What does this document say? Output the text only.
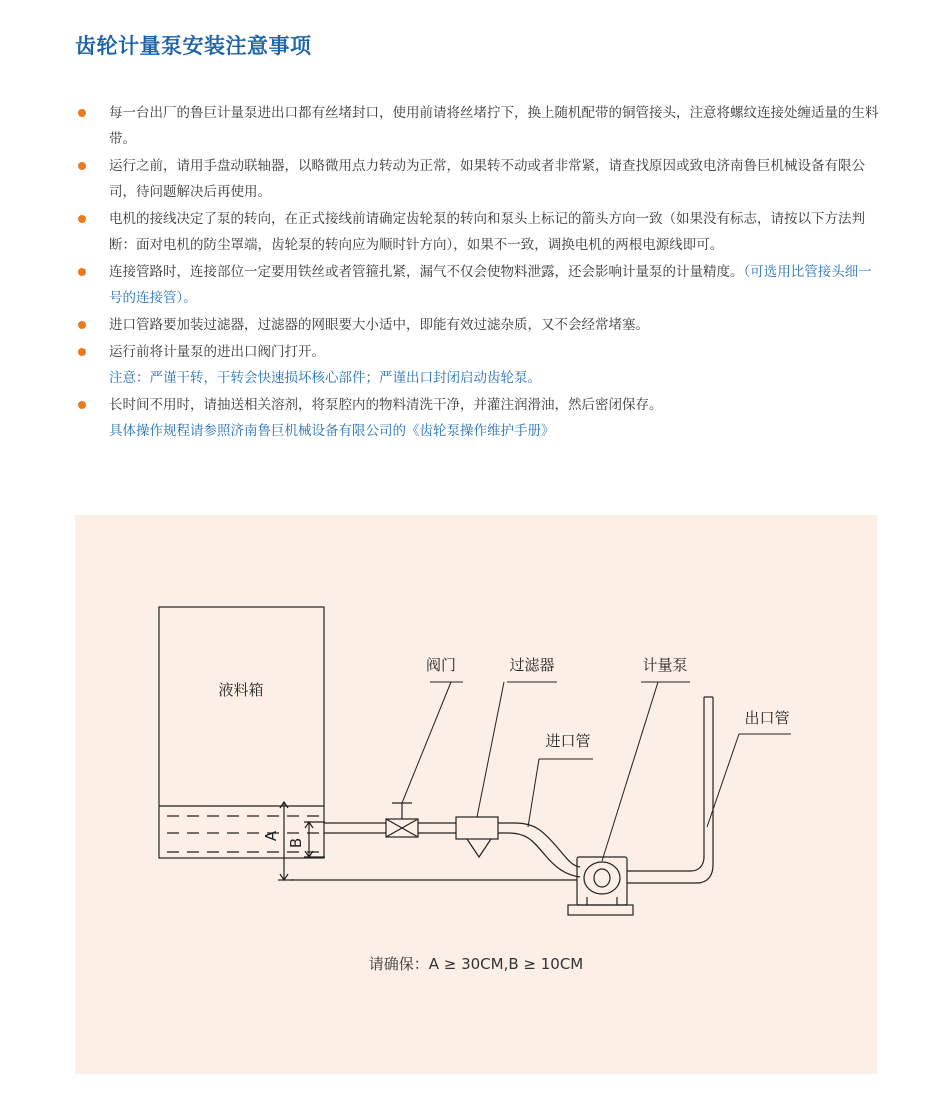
齿轮计量泵安装注意事项
每一台出厂的鲁巨计量泵进出口都有丝堵封口，使用前请将丝堵拧下，换上随机配带的铜管接头，注意将螺纹连接处缠适量的生料带。
运行之前，请用手盘动联轴器，以略微用点力转动为正常，如果转不动或者非常紧，请查找原因或致电济南鲁巨机械设备有限公司，待问题解决后再使用。
电机的接线决定了泵的转向，在正式接线前请确定齿轮泵的转向和泵头上标记的箭头方向一致（如果没有标志，请按以下方法判断：面对电机的防尘罩端，齿轮泵的转向应为顺时针方向），如果不一致，调换电机的两根电源线即可。
连接管路时，连接部位一定要用铁丝或者管箍扎紧，漏气不仅会使物料泄露，还会影响计量泵的计量精度。（可选用比管接头细一号的连接管）。
进口管路要加装过滤器，过滤器的网眼要大小适中，即能有效过滤杂质，又不会经常堵塞。
运行前将计量泵的进出口阀门打开。
注意：严谨干转，干转会快速损坏核心部件；严谨出口封闭启动齿轮泵。
长时间不用时，请抽送相关溶剂，将泵腔内的物料清洗干净，并灌注润滑油，然后密闭保存。
具体操作规程请参照济南鲁巨机械设备有限公司的《齿轮泵操作维护手册》
液料箱
阀门	过滤器	计量泵
进口管
出口管
A
B
请确保：A ≥ 30CM,B ≥ 10CM
